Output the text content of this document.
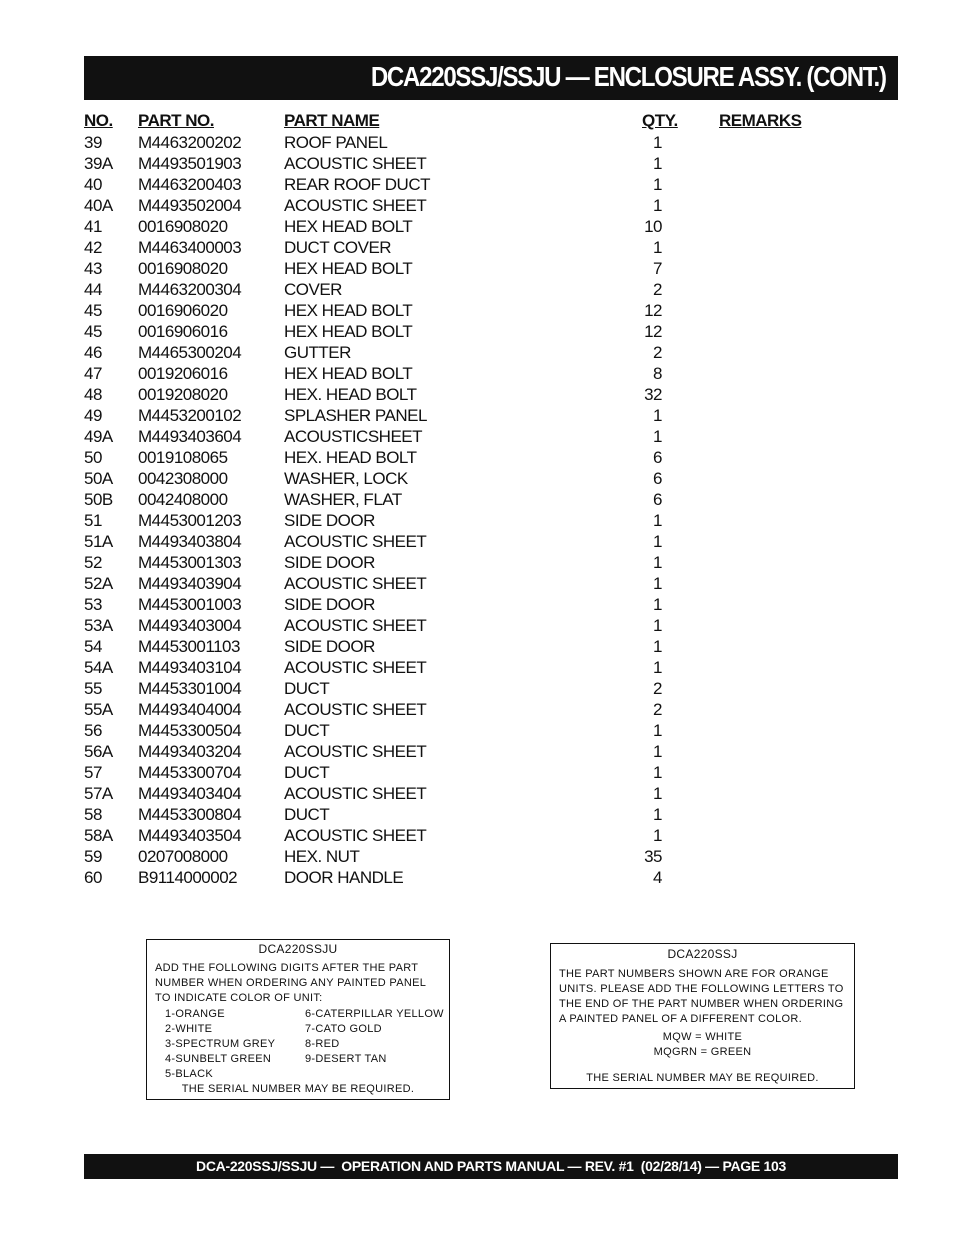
DCA220SSJ/SSJU — ENCLOSURE ASSY. (CONT.)
NO. PART NO.	PART NAME	QTY. REMARKS
39 M4463200202	ROOF PANEL	1
39A M4493501903	ACOUSTIC SHEET	1
40 M4463200403	REAR ROOF DUCT	1
40A M4493502004	ACOUSTIC SHEET	1
41 0016908020	HEX HEAD BOLT	10
42 M4463400003	DUCT COVER	1
43 0016908020	HEX HEAD BOLT	7
44 M4463200304	COVER	2
45 0016906020	HEX HEAD BOLT	12
45 0016906016	HEX HEAD BOLT	12
46 M4465300204	GUTTER	2
47 0019206016	HEX HEAD BOLT	8
48 0019208020	HEX. HEAD BOLT	32
49 M4453200102	SPLASHER PANEL	1
49A M4493403604	ACOUSTICSHEET	1
50 0019108065	HEX. HEAD BOLT	6
50A 0042308000	WASHER, LOCK	6
50B 0042408000	WASHER, FLAT	6
51 M4453001203	SIDE DOOR	1
51A M4493403804	ACOUSTIC SHEET	1
52 M4453001303	SIDE DOOR	1
52A M4493403904	ACOUSTIC SHEET	1
53 M4453001003	SIDE DOOR	1
53A M4493403004	ACOUSTIC SHEET	1
54 M4453001103	SIDE DOOR	1
54A M4493403104	ACOUSTIC SHEET	1
55 M4453301004	DUCT	2
55A M4493404004	ACOUSTIC SHEET	2
56 M4453300504	DUCT	1
56A M4493403204	ACOUSTIC SHEET	1
57 M4453300704	DUCT	1
57A M4493403404	ACOUSTIC SHEET	1
58 M4453300804	DUCT	1
58A M4493403504	ACOUSTIC SHEET	1
59 0207008000	HEX. NUT	35
60 B9114000002	DOOR HANDLE	4
DCA220SSJU
ADD THE FOLLOWING DIGITS AFTER THE PART NUMBER WHEN ORDERING ANY PAINTED PANEL TO INDICATE COLOR OF UNIT:
1-ORANGE	6-CATERPILLAR YELLOW
2-WHITE	7-CATO GOLD
3-SPECTRUM GREY	8-RED
4-SUNBELT GREEN	9-DESERT TAN
5-BLACK
THE SERIAL NUMBER MAY BE REQUIRED.
DCA220SSJ
THE PART NUMBERS SHOWN ARE FOR ORANGE UNITS. PLEASE ADD THE FOLLOWING LETTERS TO THE END OF THE PART NUMBER WHEN ORDERING A PAINTED PANEL OF A DIFFERENT COLOR.
MQW = WHITE
MQGRN = GREEN
THE SERIAL NUMBER MAY BE REQUIRED.
DCA-220SSJ/SSJU —  OPERATION AND PARTS MANUAL — REV. #1  (02/28/14) — PAGE 103
